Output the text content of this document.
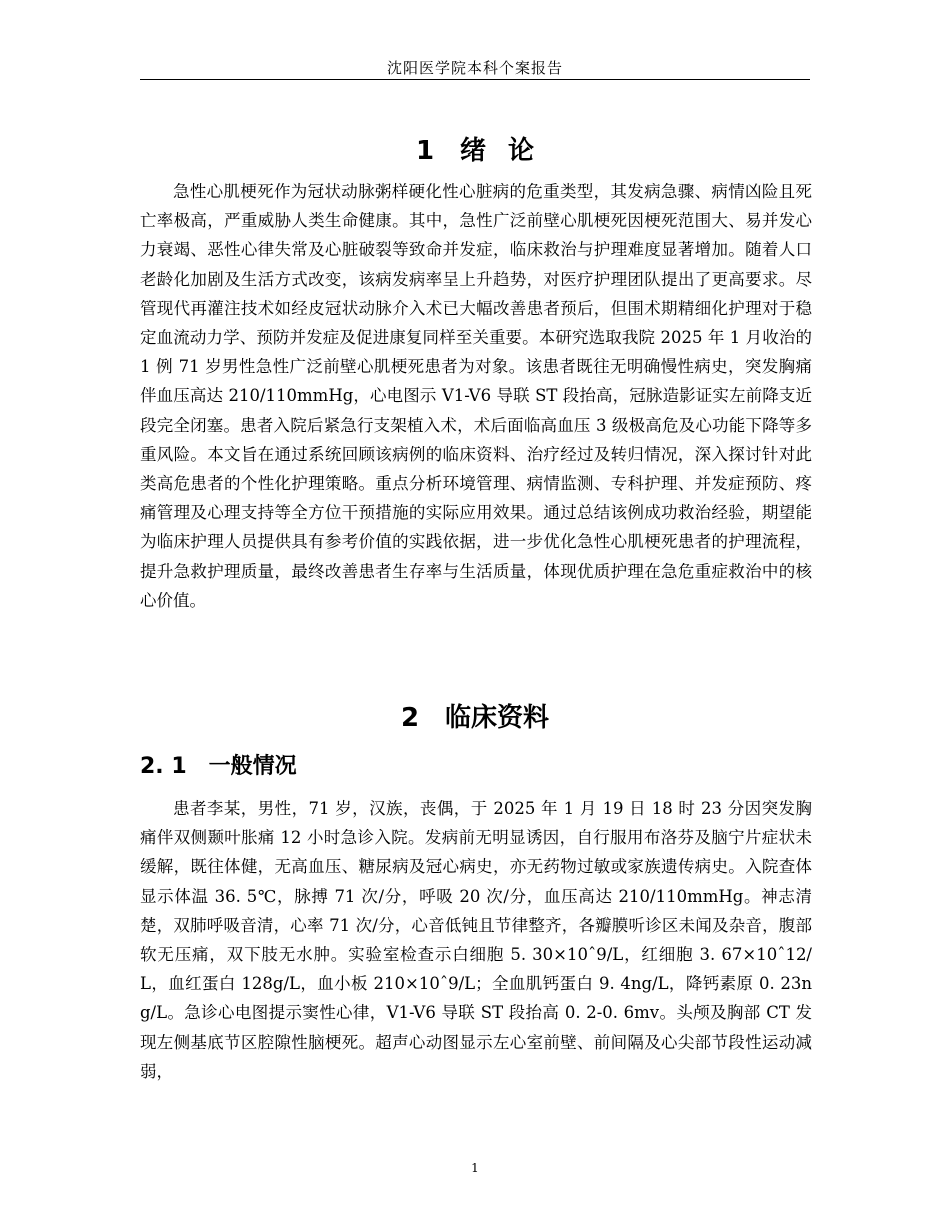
沈阳医学院本科个案报告
1 绪论

急性心肌梗死作为冠状动脉粥样硬化性心脏病的危重类型，其发病急骤、病情凶险且死亡率极高，严重威胁人类生命健康。其中，急性广泛前壁心肌梗死因梗死范围大、易并发心力衰竭、恶性心律失常及心脏破裂等致命并发症，临床救治与护理难度显著增加。随着人口老龄化加剧及生活方式改变，该病发病率呈上升趋势，对医疗护理团队提出了更高要求。尽管现代再灌注技术如经皮冠状动脉介入术已大幅改善患者预后，但围术期精细化护理对于稳定血流动力学、预防并发症及促进康复同样至关重要。本研究选取我院 2025 年 1 月收治的 1 例 71 岁男性急性广泛前壁心肌梗死患者为对象。该患者既往无明确慢性病史，突发胸痛伴血压高达 210/110mmHg，心电图示 V1-V6 导联 ST 段抬高，冠脉造影证实左前降支近段完全闭塞。患者入院后紧急行支架植入术，术后面临高血压 3 级极高危及心功能下降等多重风险。本文旨在通过系统回顾该病例的临床资料、治疗经过及转归情况，深入探讨针对此类高危患者的个性化护理策略。重点分析环境管理、病情监测、专科护理、并发症预防、疼痛管理及心理支持等全方位干预措施的实际应用效果。通过总结该例成功救治经验，期望能为临床护理人员提供具有参考价值的实践依据，进一步优化急性心肌梗死患者的护理流程，提升急救护理质量，最终改善患者生存率与生活质量，体现优质护理在急危重症救治中的核心价值。

2 临床资料
2. 1 一般情况

患者李某，男性，71 岁，汉族，丧偶，于 2025 年 1 月 19 日 18 时 23 分因突发胸痛伴双侧颞叶胀痛 12 小时急诊入院。发病前无明显诱因，自行服用布洛芬及脑宁片症状未缓解，既往体健，无高血压、糖尿病及冠心病史，亦无药物过敏或家族遗传病史。入院查体显示体温 36. 5℃，脉搏 71 次/分，呼吸 20 次/分，血压高达 210/110mmHg。神志清楚，双肺呼吸音清，心率 71 次/分，心音低钝且节律整齐，各瓣膜听诊区未闻及杂音，腹部软无压痛，双下肢无水肿。实验室检查示白细胞 5. 30×10ˆ9/L，红细胞 3. 67×10ˆ12/L，血红蛋白 128g/L，血小板 210×10ˆ9/L；全血肌钙蛋白 9. 4ng/L，降钙素原 0. 23ng/L。急诊心电图提示窦性心律，V1-V6 导联 ST 段抬高 0. 2-0. 6mv。头颅及胸部 CT 发现左侧基底节区腔隙性脑梗死。超声心动图显示左心室前壁、前间隔及心尖部节段性运动减弱，

1
